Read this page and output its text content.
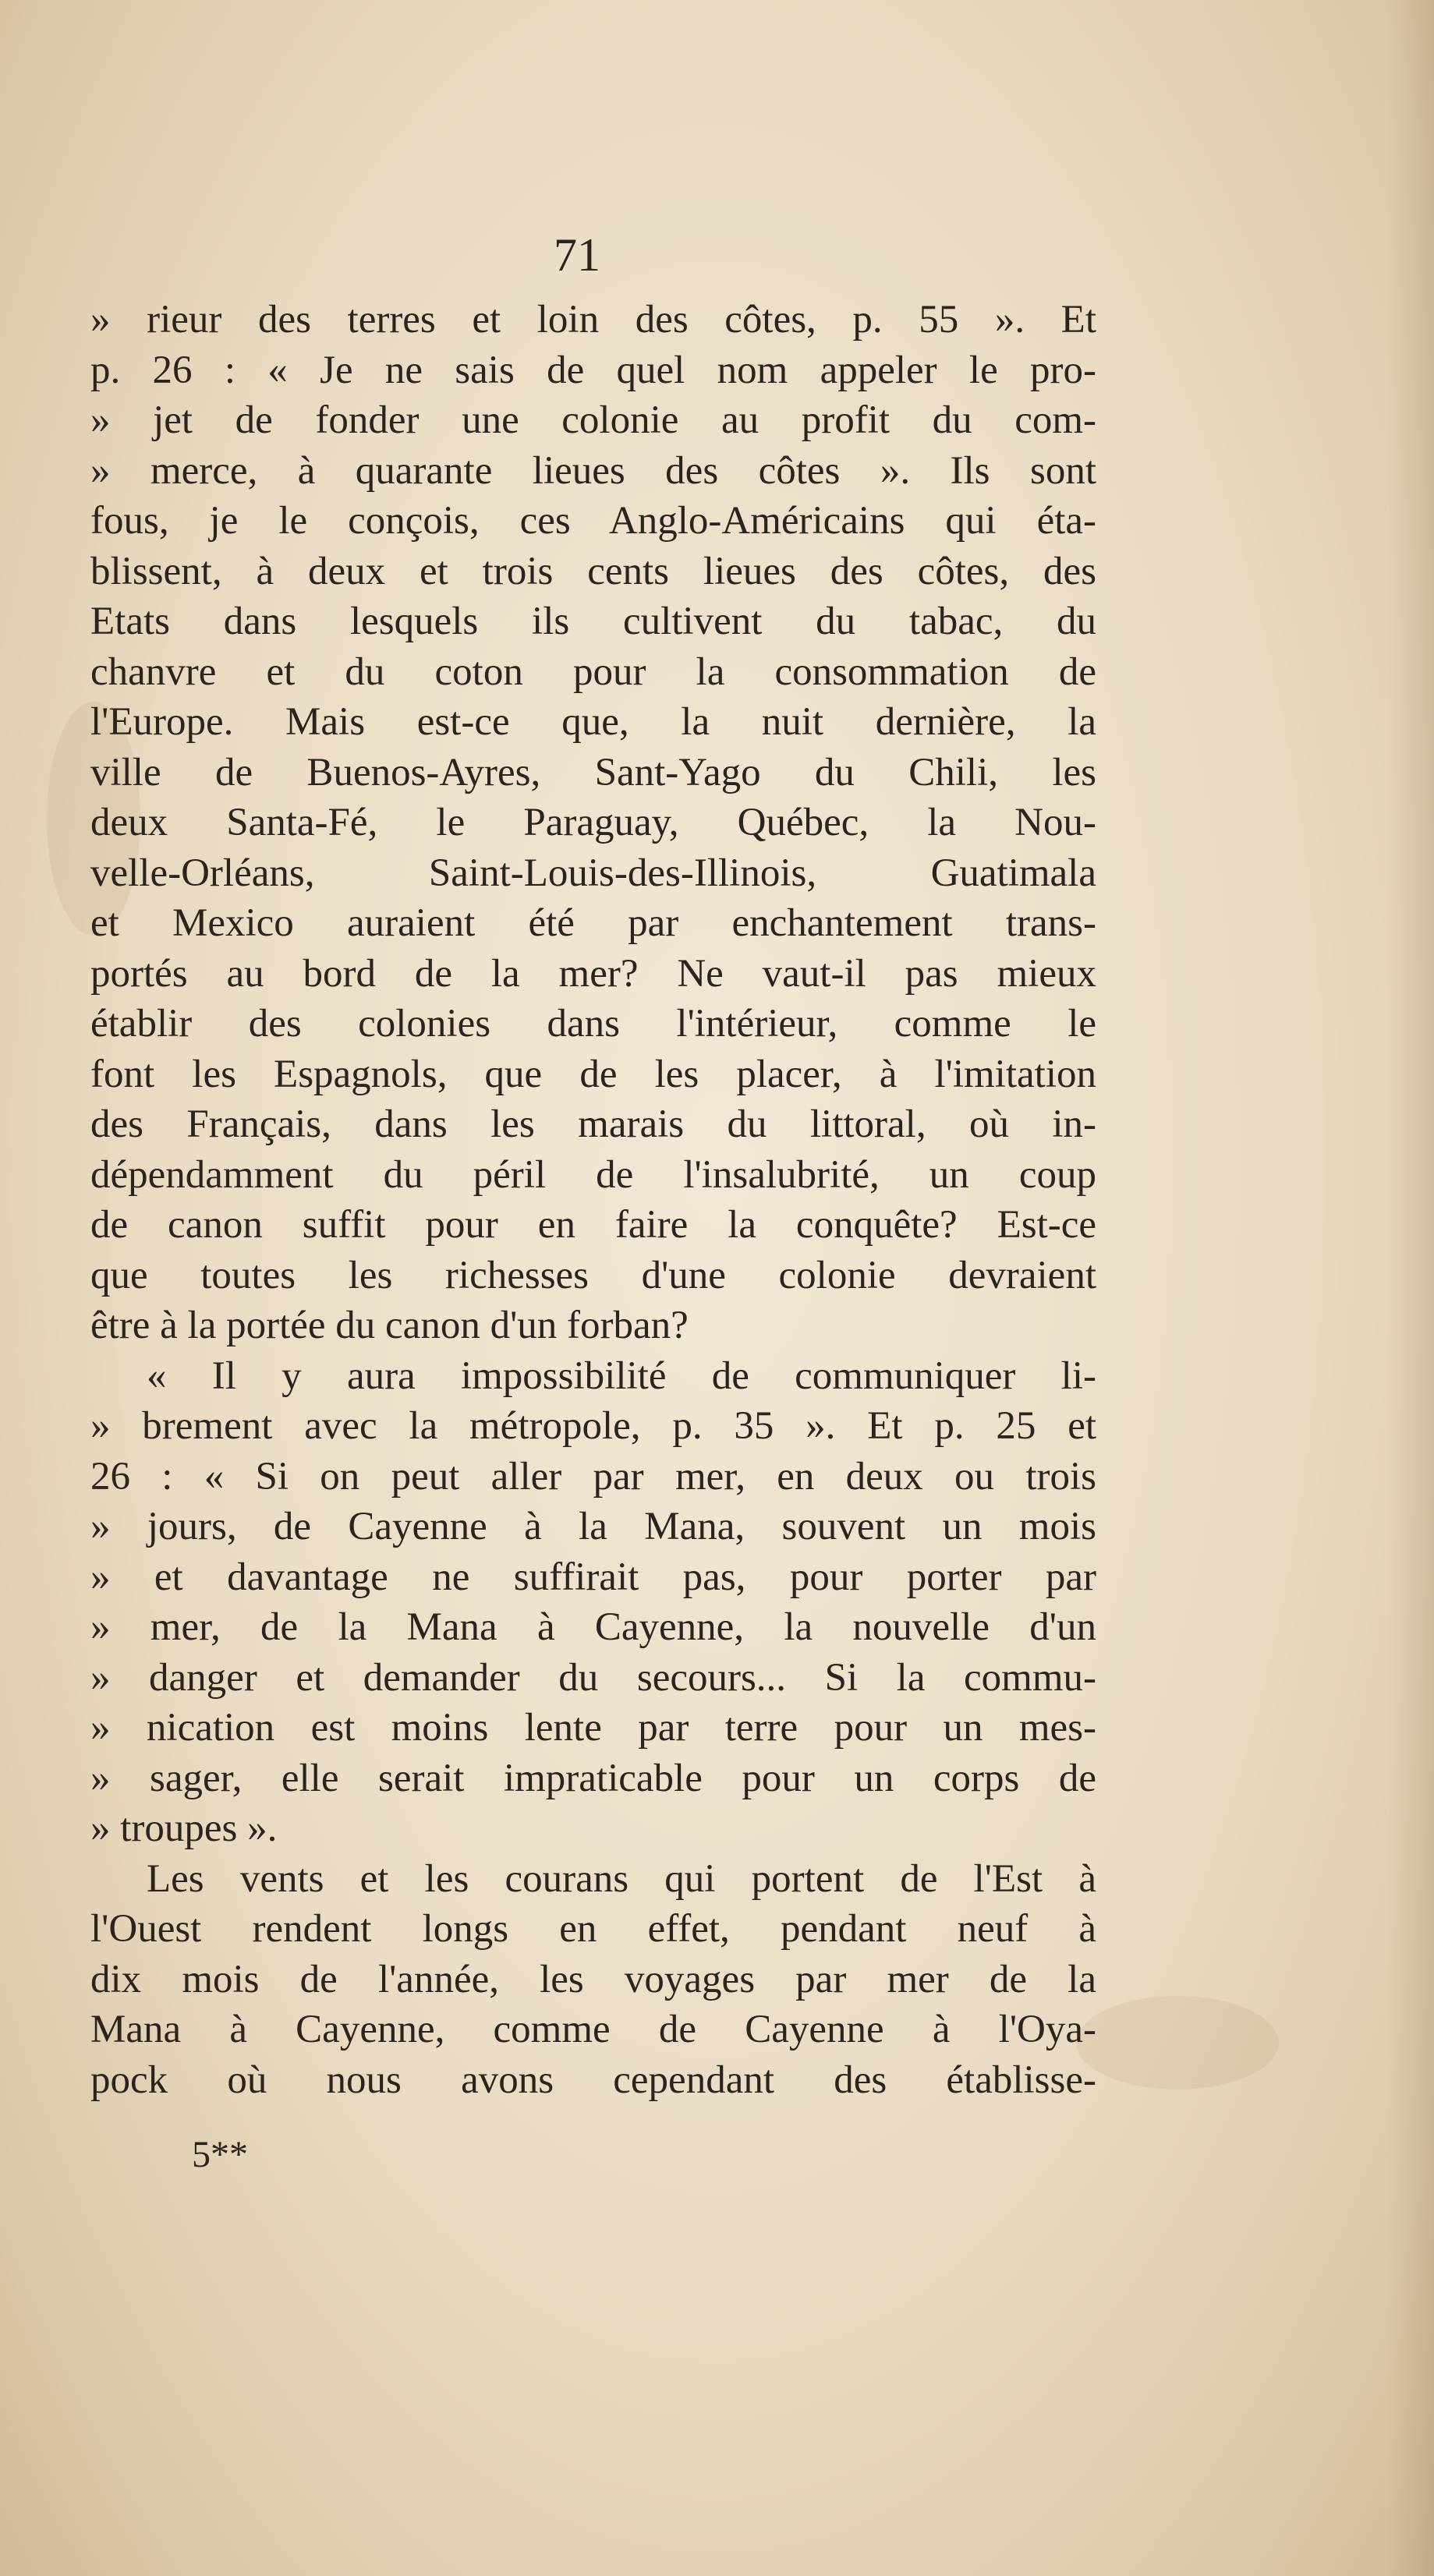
71
» rieur des terres et loin des côtes, p. 55 ». Et
p. 26 : « Je ne sais de quel nom appeler le pro-
» jet de fonder une colonie au profit du com-
» merce, à quarante lieues des côtes ». Ils sont
fous, je le conçois, ces Anglo-Américains qui éta-
blissent, à deux et trois cents lieues des côtes, des
Etats dans lesquels ils cultivent du tabac, du
chanvre et du coton pour la consommation de
l'Europe. Mais est-ce que, la nuit dernière, la
ville de Buenos-Ayres, Sant-Yago du Chili, les
deux Santa-Fé, le Paraguay, Québec, la Nou-
velle-Orléans, Saint-Louis-des-Illinois, Guatimala
et Mexico auraient été par enchantement trans-
portés au bord de la mer? Ne vaut-il pas mieux
établir des colonies dans l'intérieur, comme le
font les Espagnols, que de les placer, à l'imitation
des Français, dans les marais du littoral, où in-
dépendamment du péril de l'insalubrité, un coup
de canon suffit pour en faire la conquête? Est-ce
que toutes les richesses d'une colonie devraient
être à la portée du canon d'un forban?
« Il y aura impossibilité de communiquer li-
» brement avec la métropole, p. 35 ». Et p. 25 et
26 : « Si on peut aller par mer, en deux ou trois
» jours, de Cayenne à la Mana, souvent un mois
» et davantage ne suffirait pas, pour porter par
» mer, de la Mana à Cayenne, la nouvelle d'un
» danger et demander du secours... Si la commu-
» nication est moins lente par terre pour un mes-
» sager, elle serait impraticable pour un corps de
» troupes ».
Les vents et les courans qui portent de l'Est à
l'Ouest rendent longs en effet, pendant neuf à
dix mois de l'année, les voyages par mer de la
Mana à Cayenne, comme de Cayenne à l'Oya-
pock où nous avons cependant des établisse-
5**
